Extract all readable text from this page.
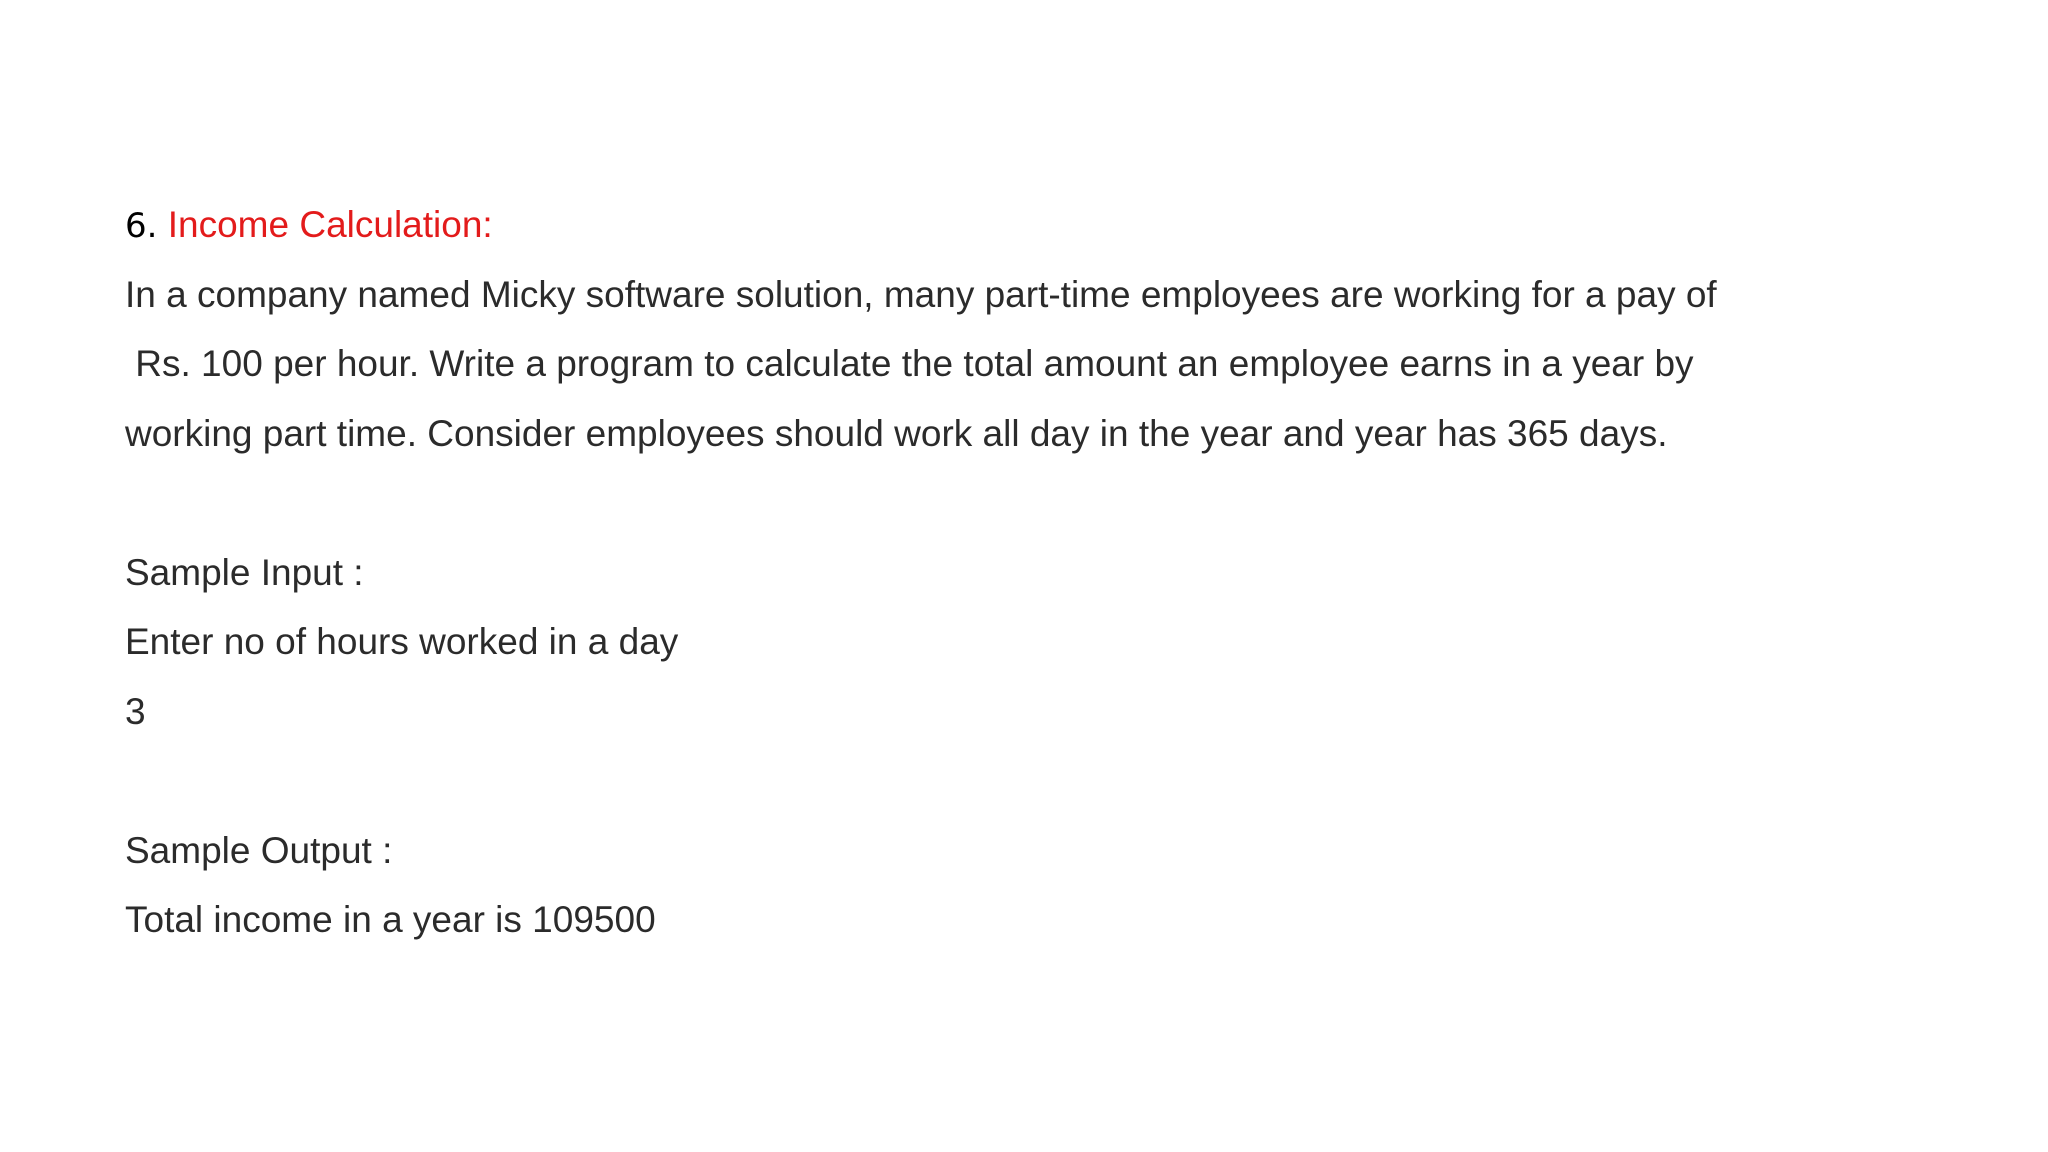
6. Income Calculation:
In a company named Micky software solution, many part-time employees are working for a pay of
Rs. 100 per hour. Write a program to calculate the total amount an employee earns in a year by
working part time. Consider employees should work all day in the year and year has 365 days.
Sample Input :
Enter no of hours worked in a day
3
Sample Output :
Total income in a year is 109500
